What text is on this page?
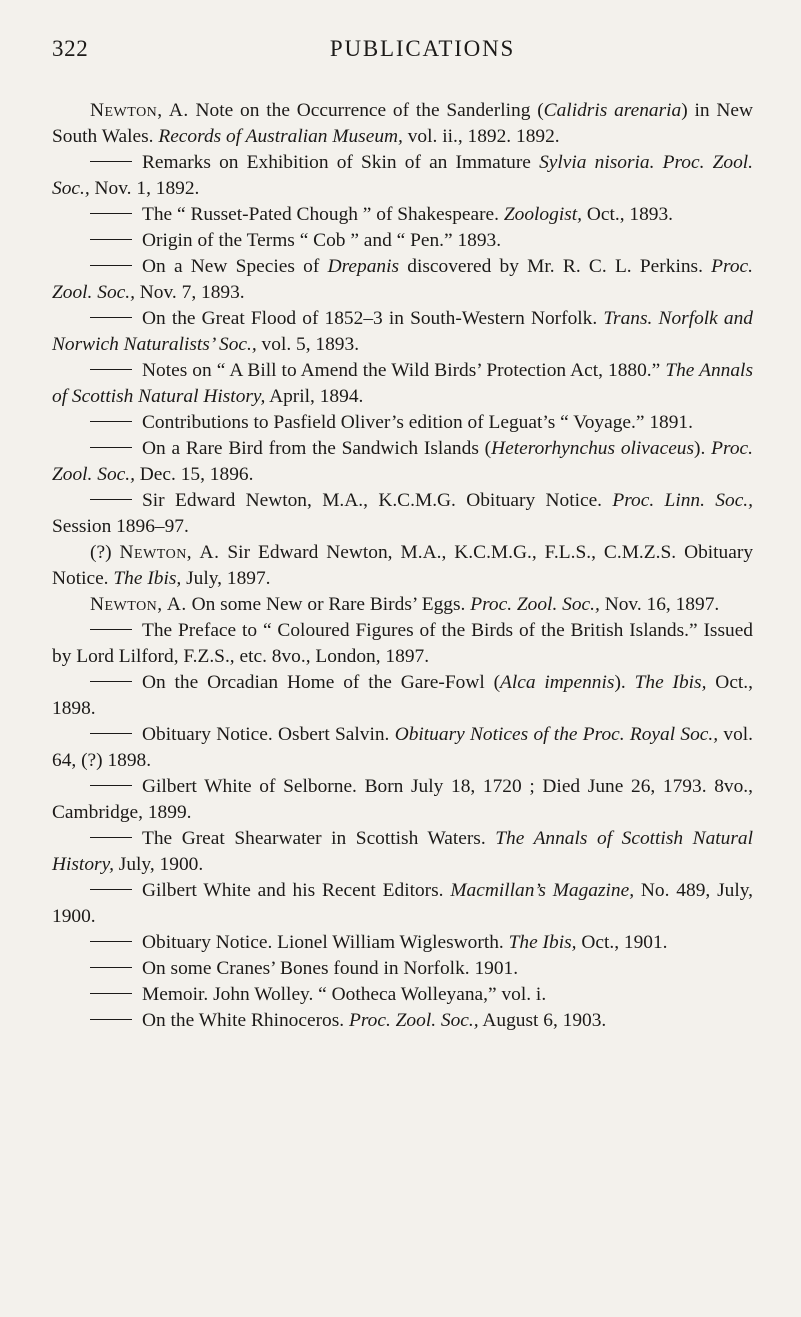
322	PUBLICATIONS

Newton, A. Note on the Occurrence of the Sanderling (Calidris arenaria) in New South Wales. Records of Australian Museum, vol. ii., 1892. 1892.

Remarks on Exhibition of Skin of an Immature Sylvia nisoria. Proc. Zool. Soc., Nov. 1, 1892.

The “ Russet-Pated Chough ” of Shakespeare. Zoologist, Oct., 1893.

Origin of the Terms “ Cob ” and “ Pen.” 1893.

On a New Species of Drepanis discovered by Mr. R. C. L. Perkins. Proc. Zool. Soc., Nov. 7, 1893.

On the Great Flood of 1852–3 in South-Western Norfolk. Trans. Norfolk and Norwich Naturalists’ Soc., vol. 5, 1893.

Notes on “ A Bill to Amend the Wild Birds’ Protection Act, 1880.” The Annals of Scottish Natural History, April, 1894.

Contributions to Pasfield Oliver’s edition of Leguat’s “ Voyage.” 1891.

On a Rare Bird from the Sandwich Islands (Heterorhynchus olivaceus). Proc. Zool. Soc., Dec. 15, 1896.

Sir Edward Newton, M.A., K.C.M.G. Obituary Notice. Proc. Linn. Soc., Session 1896–97.

(?) Newton, A. Sir Edward Newton, M.A., K.C.M.G., F.L.S., C.M.Z.S. Obituary Notice. The Ibis, July, 1897.

Newton, A. On some New or Rare Birds’ Eggs. Proc. Zool. Soc., Nov. 16, 1897.

The Preface to “ Coloured Figures of the Birds of the British Islands.” Issued by Lord Lilford, F.Z.S., etc. 8vo., London, 1897.

On the Orcadian Home of the Gare-Fowl (Alca impennis). The Ibis, Oct., 1898.

Obituary Notice. Osbert Salvin. Obituary Notices of the Proc. Royal Soc., vol. 64, (?) 1898.

Gilbert White of Selborne. Born July 18, 1720 ; Died June 26, 1793. 8vo., Cambridge, 1899.

The Great Shearwater in Scottish Waters. The Annals of Scottish Natural History, July, 1900.

Gilbert White and his Recent Editors. Macmillan’s Magazine, No. 489, July, 1900.

Obituary Notice. Lionel William Wiglesworth. The Ibis, Oct., 1901.

On some Cranes’ Bones found in Norfolk. 1901.

Memoir. John Wolley. “ Ootheca Wolleyana,” vol. i.

On the White Rhinoceros. Proc. Zool. Soc., August 6, 1903.
